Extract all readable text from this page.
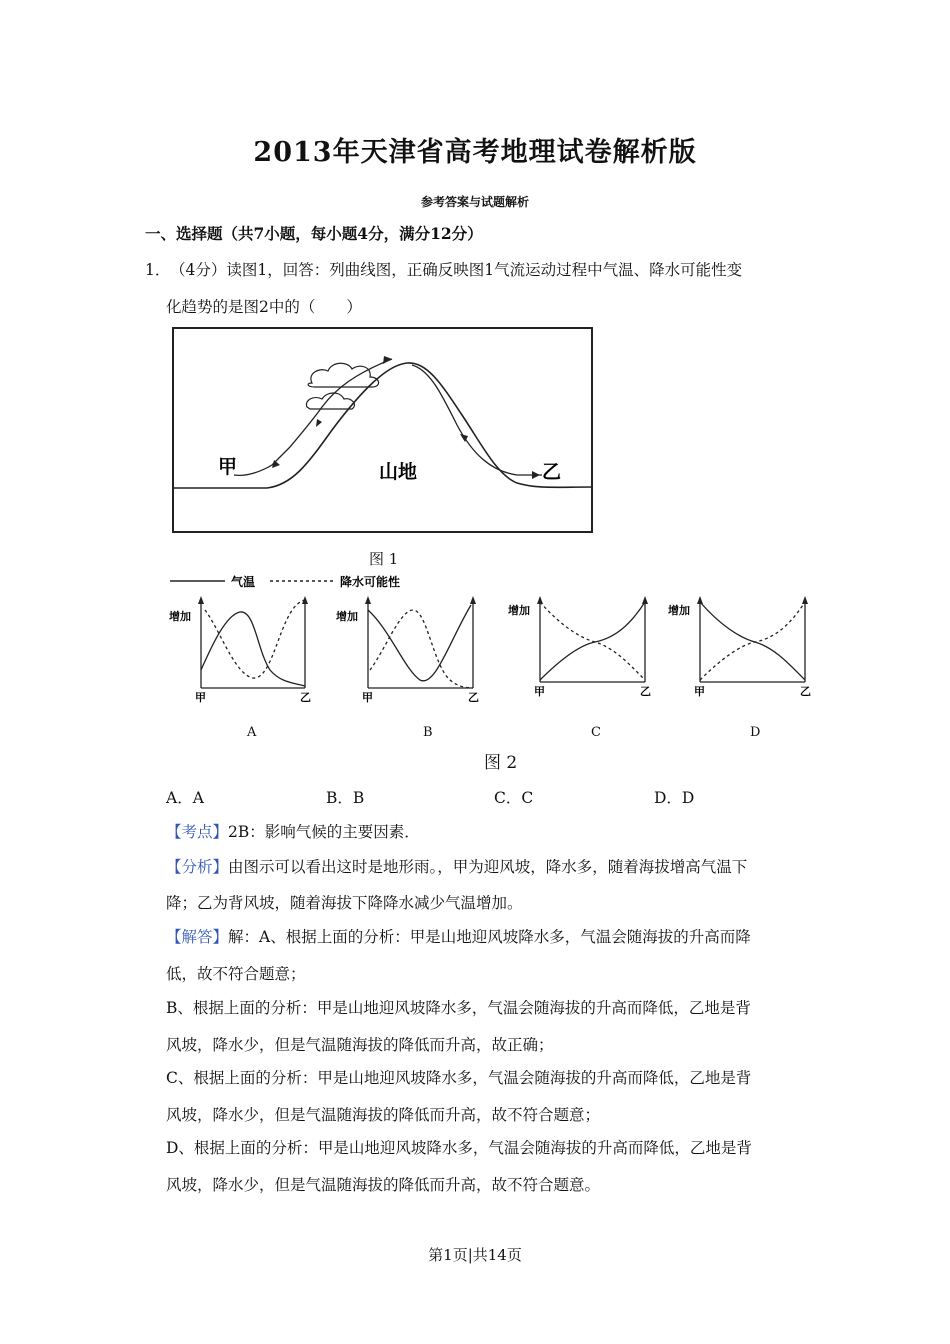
2013年天津省高考地理试卷解析版
参考答案与试题解析
一、选择题（共7小题，每小题4分，满分12分）
1． （4分）读图1，回答：列曲线图，正确反映图1气流运动过程中气温、降水可能性变
化趋势的是图2中的（　　）
甲	山地	乙
图 1
气温	降水可能性
增加
甲	乙
增加
甲	乙
增加
甲	乙
增加
甲	乙
A	B	C	D
图 2
A．A	B．B	C．C	D．D
【考点】2B：影响气候的主要因素．
【分析】由图示可以看出这时是地形雨。，甲为迎风坡，降水多，随着海拔增高气温下
降；乙为背风坡，随着海拔下降降水减少气温增加。
【解答】解：A、根据上面的分析：甲是山地迎风坡降水多，气温会随海拔的升高而降
低，故不符合题意；
B、根据上面的分析：甲是山地迎风坡降水多，气温会随海拔的升高而降低，乙地是背
风坡，降水少，但是气温随海拔的降低而升高，故正确；
C、根据上面的分析：甲是山地迎风坡降水多，气温会随海拔的升高而降低，乙地是背
风坡，降水少，但是气温随海拔的降低而升高，故不符合题意；
D、根据上面的分析：甲是山地迎风坡降水多，气温会随海拔的升高而降低，乙地是背
风坡，降水少，但是气温随海拔的降低而升高，故不符合题意。
第1页|共14页
